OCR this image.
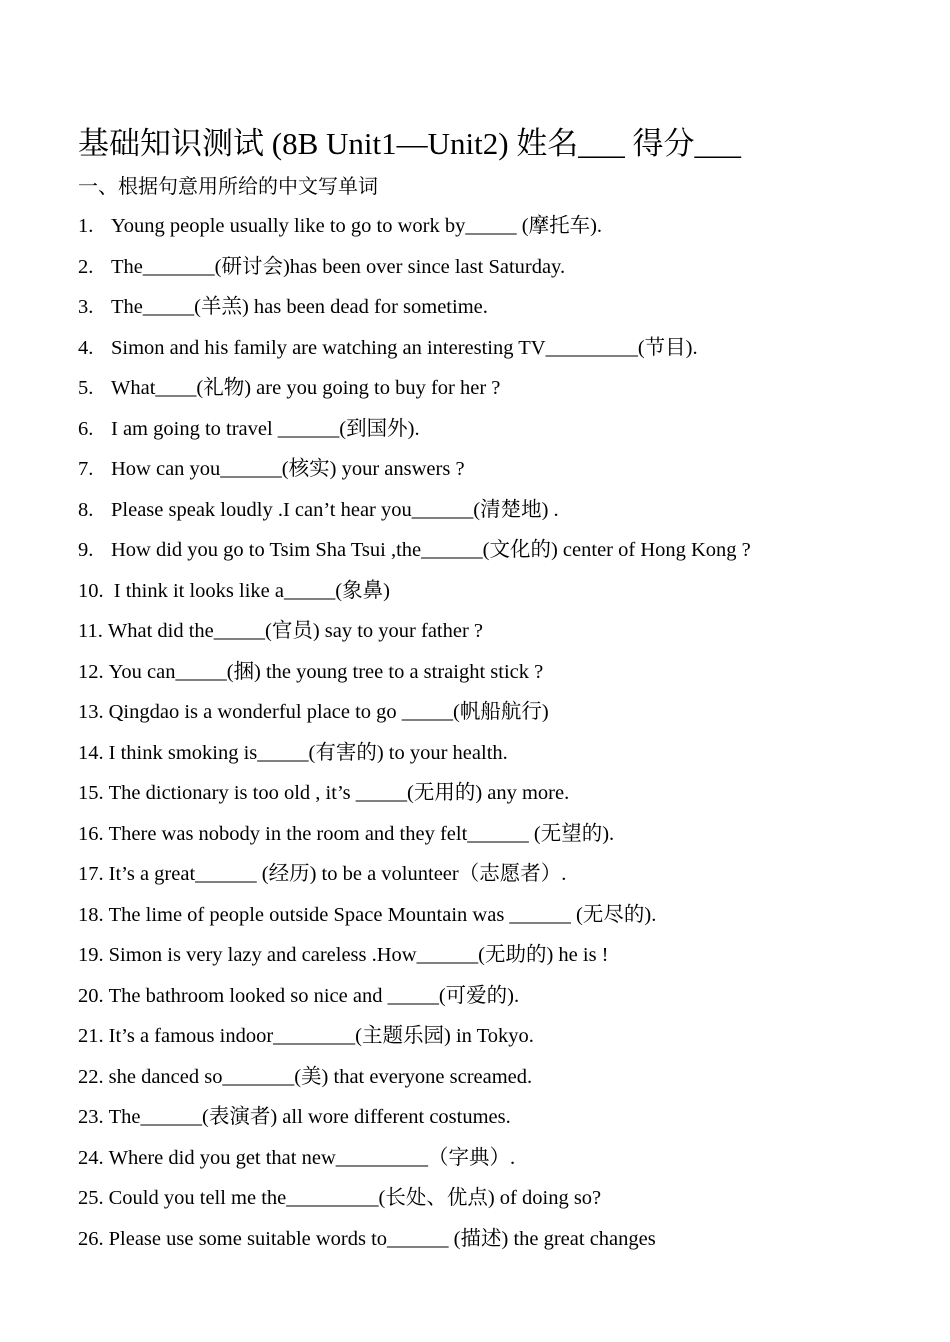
基础知识测试 (8B Unit1—Unit2) 姓名___ 得分___
一、根据句意用所给的中文写单词
1. Young people usually like to go to work by_____ (摩托车).
2. The_______(研讨会)has been over since last Saturday.
3. The_____(羊羔) has been dead for sometime.
4. Simon and his family are watching an interesting TV_________(节目).
5. What____(礼物) are you going to buy for her ?
6. I am going to travel ______(到国外).
7. How can you______(核实) your answers ?
8. Please speak loudly .I can’t hear you______(清楚地) .
9. How did you go to Tsim Sha Tsui ,the______(文化的) center of Hong Kong ?
10. I think it looks like a_____(象鼻)
11. What did the_____(官员) say to your father ?
12. You can_____(捆) the young tree to a straight stick ?
13. Qingdao is a wonderful place to go _____(帆船航行)
14. I think smoking is_____(有害的) to your health.
15. The dictionary is too old , it’s _____(无用的) any more.
16. There was nobody in the room and they felt______ (无望的).
17. It’s a great______ (经历) to be a volunteer（志愿者）.
18. The lime of people outside Space Mountain was ______ (无尽的).
19. Simon is very lazy and careless .How______(无助的) he is !
20. The bathroom looked so nice and _____(可爱的).
21. It’s a famous indoor________(主题乐园) in Tokyo.
22. she danced so_______(美) that everyone screamed.
23. The______(表演者) all wore different costumes.
24. Where did you get that new_________（字典）.
25. Could you tell me the_________(长处、优点) of doing so?
26. Please use some suitable words to______ (描述) the great changes
